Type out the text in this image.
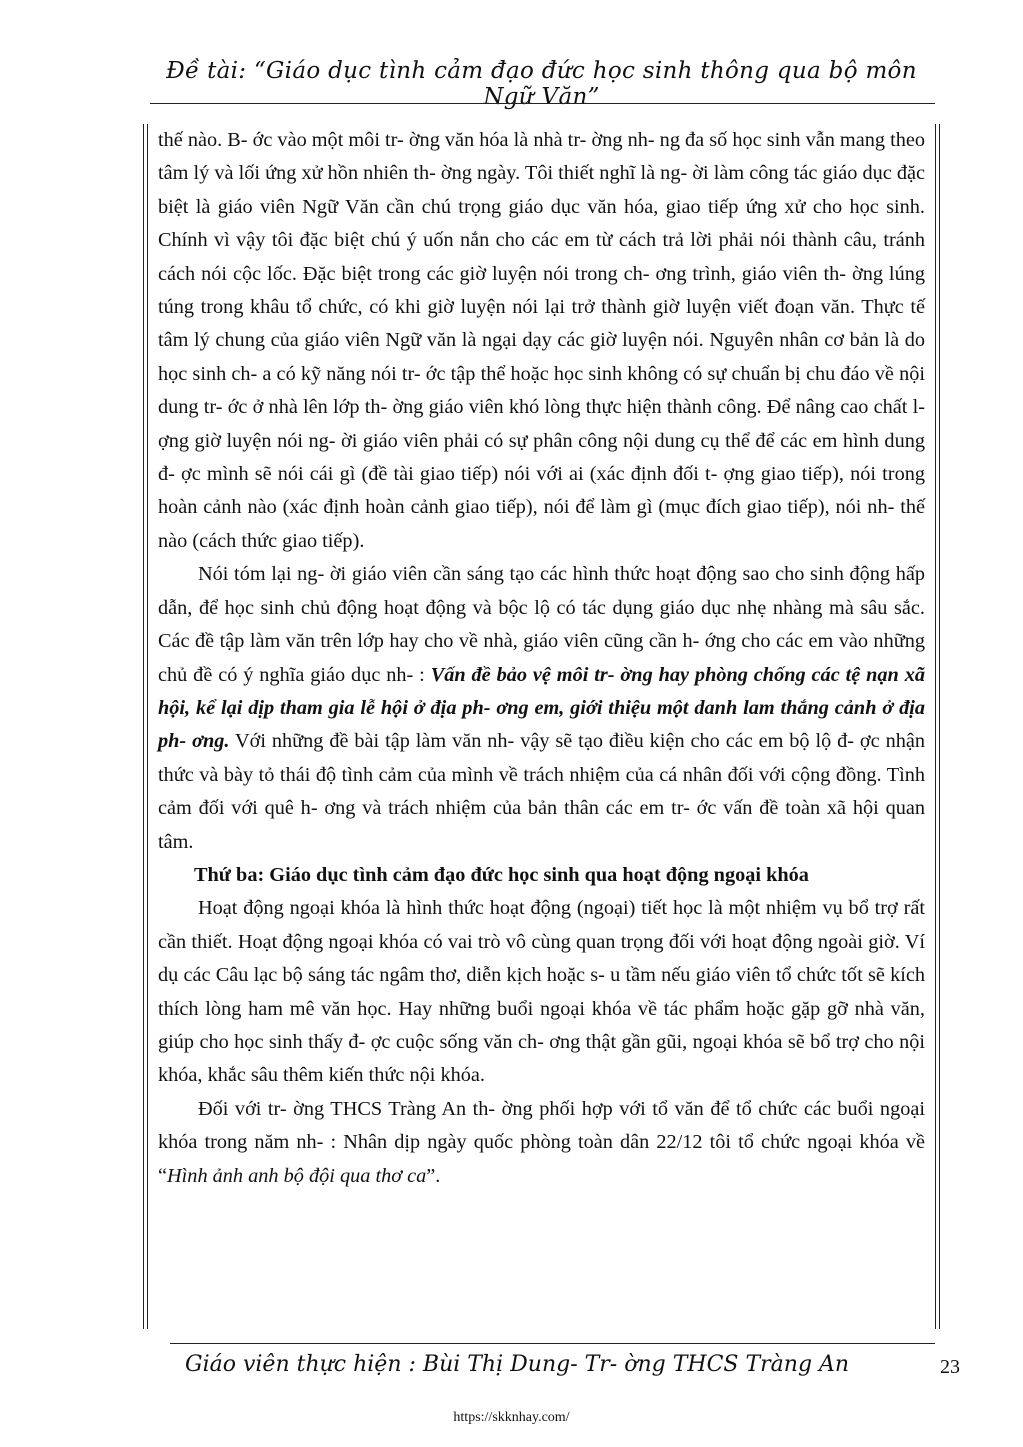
Đề tài: “Giáo dục tình cảm đạo đức học sinh thông qua bộ môn Ngữ Văn”

thế nào. B- ớc vào một môi tr- ờng văn hóa là nhà tr- ờng nh- ng đa số học sinh vẫn mang theo tâm lý và lối ứng xử hồn nhiên th- ờng ngày. Tôi thiết nghĩ là ng- ời làm công tác giáo dục đặc biệt là giáo viên Ngữ Văn cần chú trọng giáo dục văn hóa, giao tiếp ứng xử cho học sinh. Chính vì vậy tôi đặc biệt chú ý uốn nắn cho các em từ cách trả lời phải nói thành câu, tránh cách nói cộc lốc. Đặc biệt trong các giờ luyện nói trong ch- ơng trình, giáo viên th- ờng lúng túng trong khâu tổ chức, có khi giờ luyện nói lại trở thành giờ luyện viết đoạn văn. Thực tế tâm lý chung của giáo viên Ngữ văn là ngại dạy các giờ luyện nói. Nguyên nhân cơ bản là do học sinh ch- a có kỹ năng nói tr- ớc tập thể hoặc học sinh không có sự chuẩn bị chu đáo về nội dung tr- ớc ở nhà lên lớp th- ờng giáo viên khó lòng thực hiện thành công. Để nâng cao chất l- ợng giờ luyện nói ng- ời giáo viên phải có sự phân công nội dung cụ thể để các em hình dung đ- ợc mình sẽ nói cái gì (đề tài giao tiếp) nói với ai (xác định đối t- ợng giao tiếp), nói trong hoàn cảnh nào (xác định hoàn cảnh giao tiếp), nói để làm gì (mục đích giao tiếp), nói nh- thế nào (cách thức giao tiếp).

Nói tóm lại ng- ời giáo viên cần sáng tạo các hình thức hoạt động sao cho sinh động hấp dẫn, để học sinh chủ động hoạt động và bộc lộ có tác dụng giáo dục nhẹ nhàng mà sâu sắc. Các đề tập làm văn trên lớp hay cho về nhà, giáo viên cũng cần h- ớng cho các em vào những chủ đề có ý nghĩa giáo dục nh- : Vấn đề bảo vệ môi tr- ờng hay phòng chống các tệ nạn xã hội, kể lại dịp tham gia lễ hội ở địa ph- ơng em, giới thiệu một danh lam thắng cảnh ở địa ph- ơng. Với những đề bài tập làm văn nh- vậy sẽ tạo điều kiện cho các em bộ lộ đ- ợc nhận thức và bày tỏ thái độ tình cảm của mình về trách nhiệm của cá nhân đối với cộng đồng. Tình cảm đối với quê h- ơng và trách nhiệm của bản thân các em tr- ớc vấn đề toàn xã hội quan tâm.

Thứ ba: Giáo dục tình cảm đạo đức học sinh qua hoạt động ngoại khóa

Hoạt động ngoại khóa là hình thức hoạt động (ngoại) tiết học là một nhiệm vụ bổ trợ rất cần thiết. Hoạt động ngoại khóa có vai trò vô cùng quan trọng đối với hoạt động ngoài giờ. Ví dụ các Câu lạc bộ sáng tác ngâm thơ, diễn kịch hoặc s- u tầm nếu giáo viên tổ chức tốt sẽ kích thích lòng ham mê văn học. Hay những buổi ngoại khóa về tác phẩm hoặc gặp gỡ nhà văn, giúp cho học sinh thấy đ- ợc cuộc sống văn ch- ơng thật gần gũi, ngoại khóa sẽ bổ trợ cho nội khóa, khắc sâu thêm kiến thức nội khóa.

Đối với tr- ờng THCS Tràng An th- ờng phối hợp với tổ văn để tổ chức các buổi ngoại khóa trong năm nh- : Nhân dịp ngày quốc phòng toàn dân 22/12 tôi tổ chức ngoại khóa về “Hình ảnh anh bộ đội qua thơ ca”.

Giáo viên thực hiện : Bùi Thị Dung- Tr- ờng THCS Tràng An	23
https://skknhay.com/
